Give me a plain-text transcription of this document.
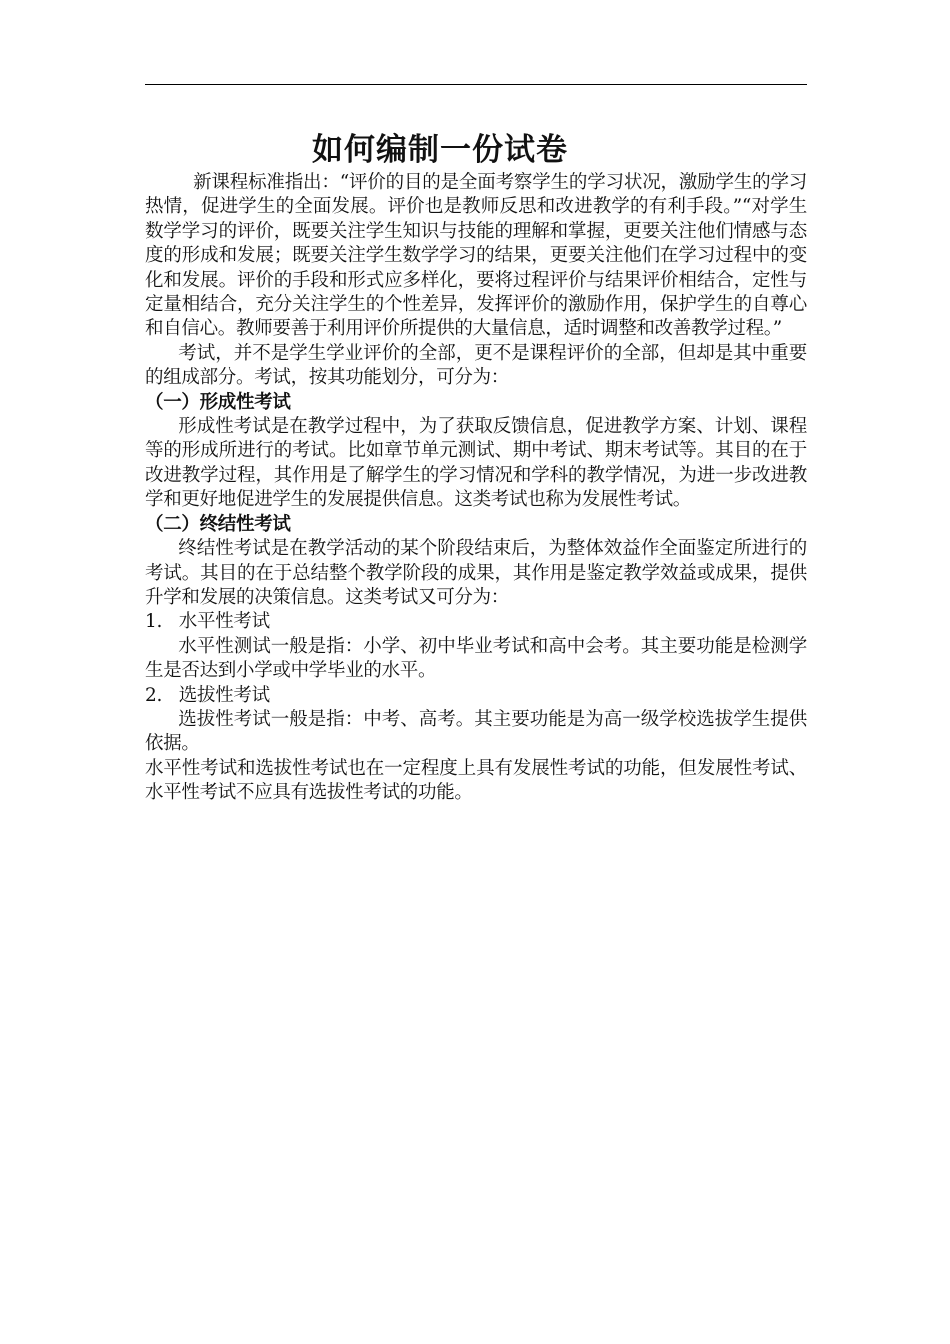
如何编制一份试卷

新课程标准指出：“评价的目的是全面考察学生的学习状况，激励学生的学习热情，促进学生的全面发展。评价也是教师反思和改进教学的有利手段。”“对学生数学学习的评价，既要关注学生知识与技能的理解和掌握，更要关注他们情感与态度的形成和发展；既要关注学生数学学习的结果，更要关注他们在学习过程中的变化和发展。评价的手段和形式应多样化，要将过程评价与结果评价相结合，定性与定量相结合，充分关注学生的个性差异，发挥评价的激励作用，保护学生的自尊心和自信心。教师要善于利用评价所提供的大量信息，适时调整和改善教学过程。”

考试，并不是学生学业评价的全部，更不是课程评价的全部，但却是其中重要的组成部分。考试，按其功能划分，可分为：

（一）形成性考试

形成性考试是在教学过程中，为了获取反馈信息，促进教学方案、计划、课程等的形成所进行的考试。比如章节单元测试、期中考试、期末考试等。其目的在于改进教学过程，其作用是了解学生的学习情况和学科的教学情况，为进一步改进教学和更好地促进学生的发展提供信息。这类考试也称为发展性考试。

（二）终结性考试

终结性考试是在教学活动的某个阶段结束后，为整体效益作全面鉴定所进行的考试。其目的在于总结整个教学阶段的成果，其作用是鉴定教学效益或成果，提供升学和发展的决策信息。这类考试又可分为：

1.   水平性考试

水平性测试一般是指：小学、初中毕业考试和高中会考。其主要功能是检测学生是否达到小学或中学毕业的水平。

2.   选拔性考试

选拔性考试一般是指：中考、高考。其主要功能是为高一级学校选拔学生提供依据。

水平性考试和选拔性考试也在一定程度上具有发展性考试的功能，但发展性考试、水平性考试不应具有选拔性考试的功能。
